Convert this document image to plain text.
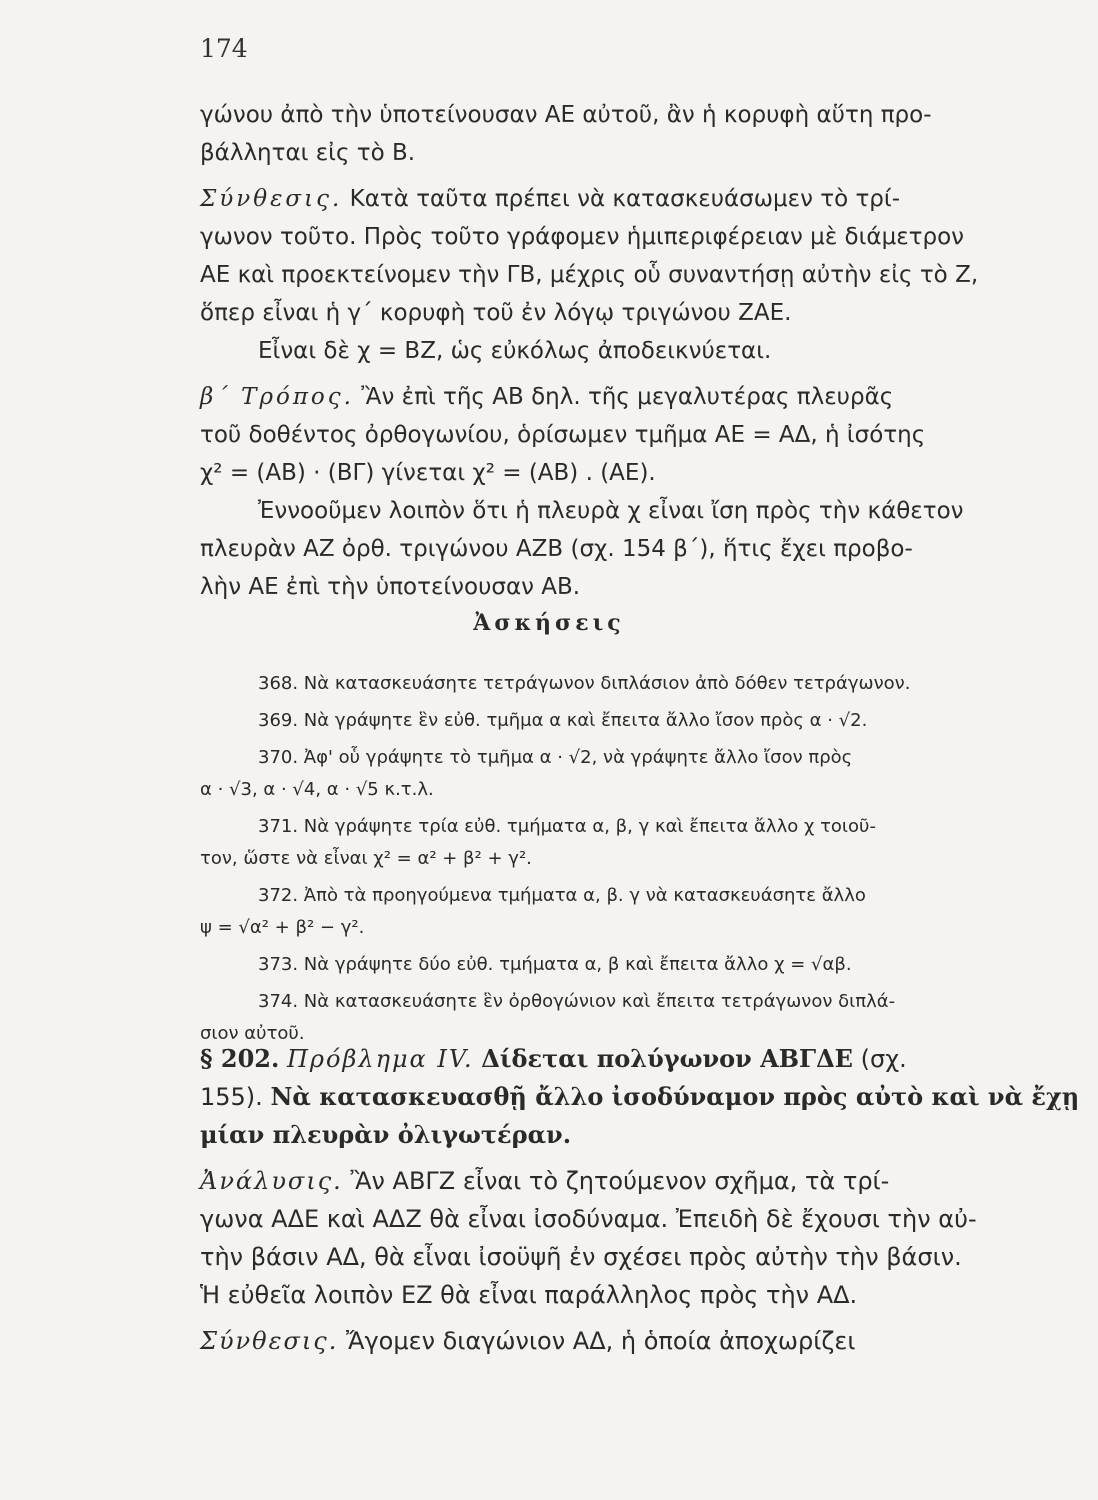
174
γώνου ἀπὸ τὴν ὑποτείνουσαν ΑΕ αὐτοῦ, ἂν ἡ κορυφὴ αὕτη προ-
βάλληται εἰς τὸ Β.
Σύνθεσις. Κατὰ ταῦτα πρέπει νὰ κατασκευάσωμεν τὸ τρί-
γωνον τοῦτο. Πρὸς τοῦτο γράφομεν ἡμιπεριφέρειαν μὲ διάμετρον
ΑΕ καὶ προεκτείνομεν τὴν ΓΒ, μέχρις οὗ συναντήσῃ αὐτὴν εἰς τὸ Ζ,
ὅπερ εἶναι ἡ γ΄ κορυφὴ τοῦ ἐν λόγῳ τριγώνου ΖΑΕ.
Εἶναι δὲ χ = ΒΖ, ὡς εὐκόλως ἀποδεικνύεται.
β΄ Τρόπος. Ἂν ἐπὶ τῆς ΑΒ δηλ. τῆς μεγαλυτέρας πλευρᾶς
τοῦ δοθέντος ὀρθογωνίου, ὁρίσωμεν τμῆμα ΑΕ = ΑΔ, ἡ ἰσότης
χ² = (ΑΒ) · (ΒΓ) γίνεται χ² = (ΑΒ) . (ΑΕ).
Ἐννοοῦμεν λοιπὸν ὅτι ἡ πλευρὰ χ εἶναι ἴση πρὸς τὴν κάθετον
πλευρὰν ΑΖ ὀρθ. τριγώνου ΑΖΒ (σχ. 154 β΄), ἥτις ἔχει προβο-
λὴν ΑΕ ἐπὶ τὴν ὑποτείνουσαν ΑΒ.
Ἀσκήσεις
368. Νὰ κατασκευάσητε τετράγωνον διπλάσιον ἀπὸ δόθεν τετράγωνον.
369. Νὰ γράψητε ἓν εὐθ. τμῆμα α καὶ ἔπειτα ἄλλο ἴσον πρὸς α · √2.
370. Ἀφ' οὗ γράψητε τὸ τμῆμα α · √2, νὰ γράψητε ἄλλο ἴσον πρὸς
α · √3, α · √4, α · √5 κ.τ.λ.
371. Νὰ γράψητε τρία εὐθ. τμήματα α, β, γ καὶ ἔπειτα ἄλλο χ τοιοῦ-
τον, ὥστε νὰ εἶναι χ² = α² + β² + γ².
372. Ἀπὸ τὰ προηγούμενα τμήματα α, β. γ νὰ κατασκευάσητε ἄλλο
ψ = √α² + β² − γ².
373. Νὰ γράψητε δύο εὐθ. τμήματα α, β καὶ ἔπειτα ἄλλο χ = √αβ.
374. Νὰ κατασκευάσητε ἓν ὀρθογώνιον καὶ ἔπειτα τετράγωνον διπλά-
σιον αὐτοῦ.
§ 202. Πρόβλημα IV. Δίδεται πολύγωνον ΑΒΓΔΕ (σχ.
155). Νὰ κατασκευασθῇ ἄλλο ἰσοδύναμον πρὸς αὐτὸ καὶ νὰ ἔχῃ
μίαν πλευρὰν ὀλιγωτέραν.
Ἀνάλυσις. Ἂν ΑΒΓΖ εἶναι τὸ ζητούμενον σχῆμα, τὰ τρί-
γωνα ΑΔΕ καὶ ΑΔΖ θὰ εἶναι ἰσοδύναμα. Ἐπειδὴ δὲ ἔχουσι τὴν αὐ-
τὴν βάσιν ΑΔ, θὰ εἶναι ἰσοϋψῆ ἐν σχέσει πρὸς αὐτὴν τὴν βάσιν.
Ἡ εὐθεῖα λοιπὸν ΕΖ θὰ εἶναι παράλληλος πρὸς τὴν ΑΔ.
Σύνθεσις. Ἄγομεν διαγώνιον ΑΔ, ἡ ὁποία ἀποχωρίζει
